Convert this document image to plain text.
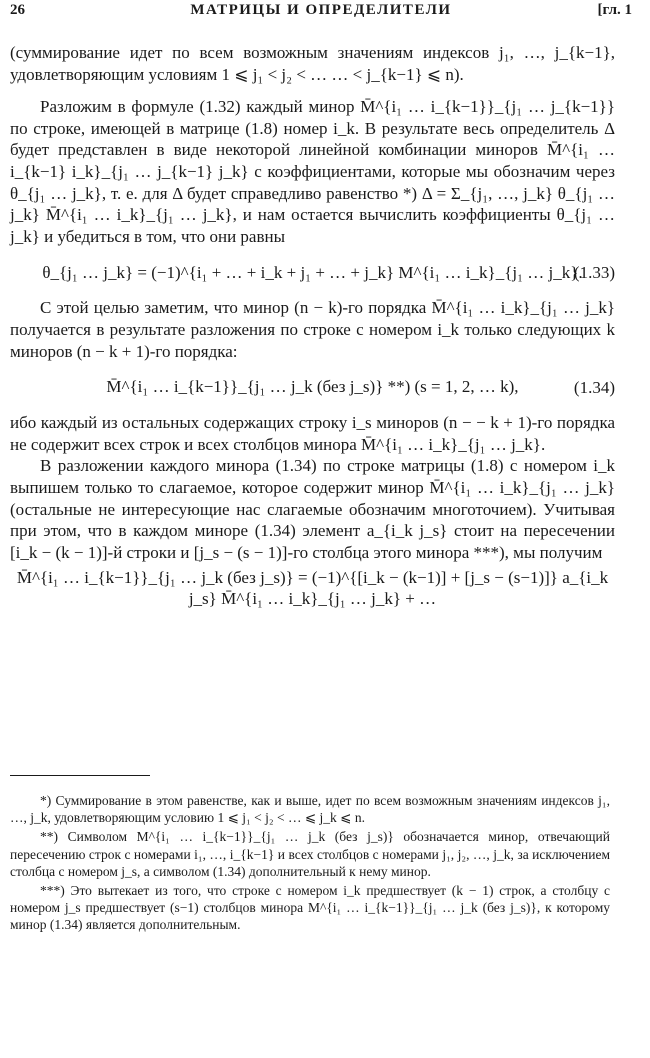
26	МАТРИЦЫ И ОПРЕДЕЛИТЕЛИ	[гл. 1

(суммирование идет по всем возможным значениям индексов j₁, …, j_{k−1}, удовлетворяющим условиям 1 ⩽ j₁ < j₂ < … … < j_{k−1} ⩽ n).

Разложим в формуле (1.32) каждый минор M̄^{i₁ … i_{k−1}}_{j₁ … j_{k−1}} по строке, имеющей в матрице (1.8) номер i_k. В результате весь определитель Δ будет представлен в виде некоторой линейной комбинации миноров M̄^{i₁ … i_{k−1} i_k}_{j₁ … j_{k−1} j_k} с коэффициентами, которые мы обозначим через θ_{j₁ … j_k}, т. е. для Δ будет справедливо равенство *) Δ = Σ_{j₁, …, j_k} θ_{j₁ … j_k} M̄^{i₁ … i_k}_{j₁ … j_k}, и нам остается вычислить коэффициенты θ_{j₁ … j_k} и убедиться в том, что они равны

θ_{j₁ … j_k} = (−1)^{i₁ + … + i_k + j₁ + … + j_k} M^{i₁ … i_k}_{j₁ … j_k}.
(1.33)

С этой целью заметим, что минор (n − k)-го порядка M̄^{i₁ … i_k}_{j₁ … j_k} получается в результате разложения по строке с номером i_k только следующих k миноров (n − k + 1)-го порядка:

M̄^{i₁ … i_{k−1}}_{j₁ … j_k (без j_s)} **) (s = 1, 2, … k),	(1.34)

ибо каждый из остальных содержащих строку i_s миноров (n − − k + 1)-го порядка не содержит всех строк и всех столбцов минора M̄^{i₁ … i_k}_{j₁ … j_k}.

В разложении каждого минора (1.34) по строке матрицы (1.8) с номером i_k выпишем только то слагаемое, которое содержит минор M̄^{i₁ … i_k}_{j₁ … j_k} (остальные не интересующие нас слагаемые обозначим многоточием). Учитывая при этом, что в каждом миноре (1.34) элемент a_{i_k j_s} стоит на пересечении [i_k − (k − 1)]-й строки и [j_s − (s − 1)]-го столбца этого минора ***), мы получим

M̄^{i₁ … i_{k−1}}_{j₁ … j_k (без j_s)} = (−1)^{[i_k − (k−1)] + [j_s − (s−1)]} a_{i_k j_s} M̄^{i₁ … i_k}_{j₁ … j_k} + …

*) Суммирование в этом равенстве, как и выше, идет по всем возможным значениям индексов j₁, …, j_k, удовлетворяющим условию 1 ⩽ j₁ < j₂ < … ⩽ j_k ⩽ n.

**) Символом M^{i₁ … i_{k−1}}_{j₁ … j_k (без j_s)} обозначается минор, отвечающий пересечению строк с номерами i₁, …, i_{k−1} и всех столбцов с номерами j₁, j₂, …, j_k, за исключением столбца с номером j_s, а символом (1.34) дополнительный к нему минор.

***) Это вытекает из того, что строке с номером i_k предшествует (k − 1) строк, а столбцу с номером j_s предшествует (s−1) столбцов минора M^{i₁ … i_{k−1}}_{j₁ … j_k (без j_s)}, к которому минор (1.34) является дополнительным.
